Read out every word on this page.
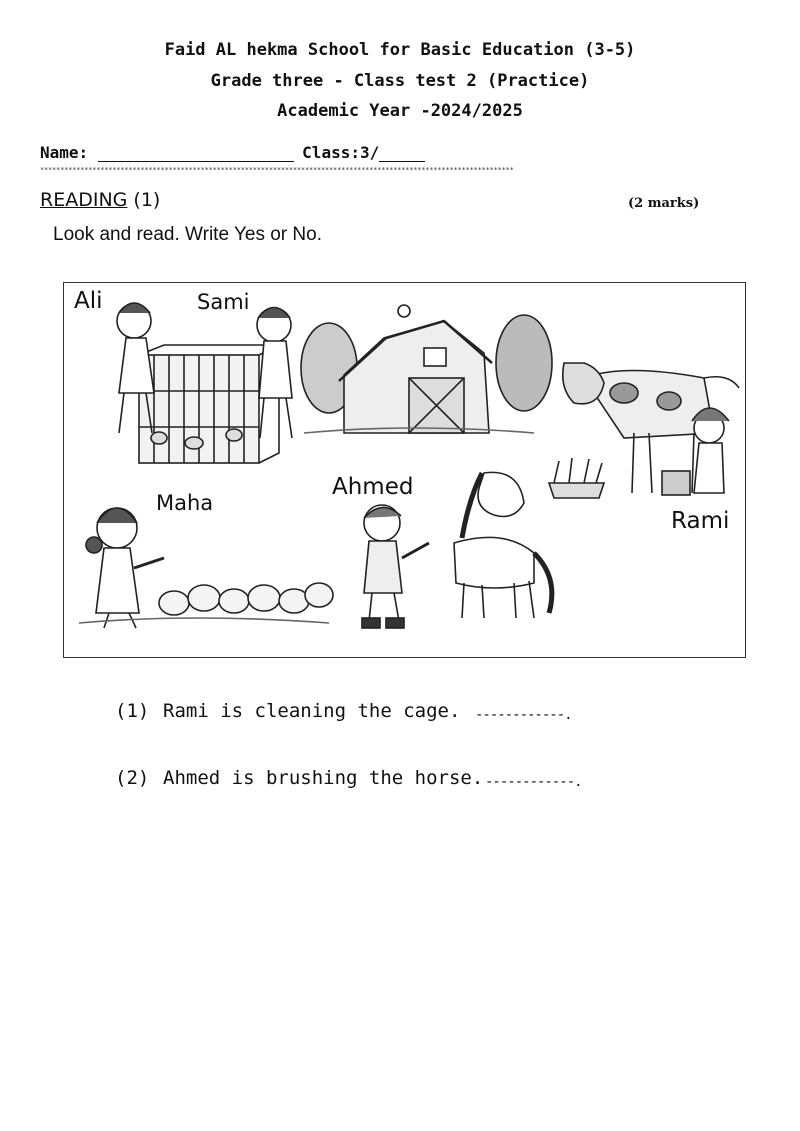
Faid AL hekma School for Basic Education (3-5)
Grade three - Class test 2 (Practice)
Academic Year -2024/2025
Name:	Class:3/
**********************************************************************************************************************
READING (1)	(2 marks)
Look and read. Write Yes or No.
Ali	Sami
Maha
Ahmed
Rami
(1) Rami is cleaning the cage. ------------.
(2) Ahmed is brushing the horse. ------------.
